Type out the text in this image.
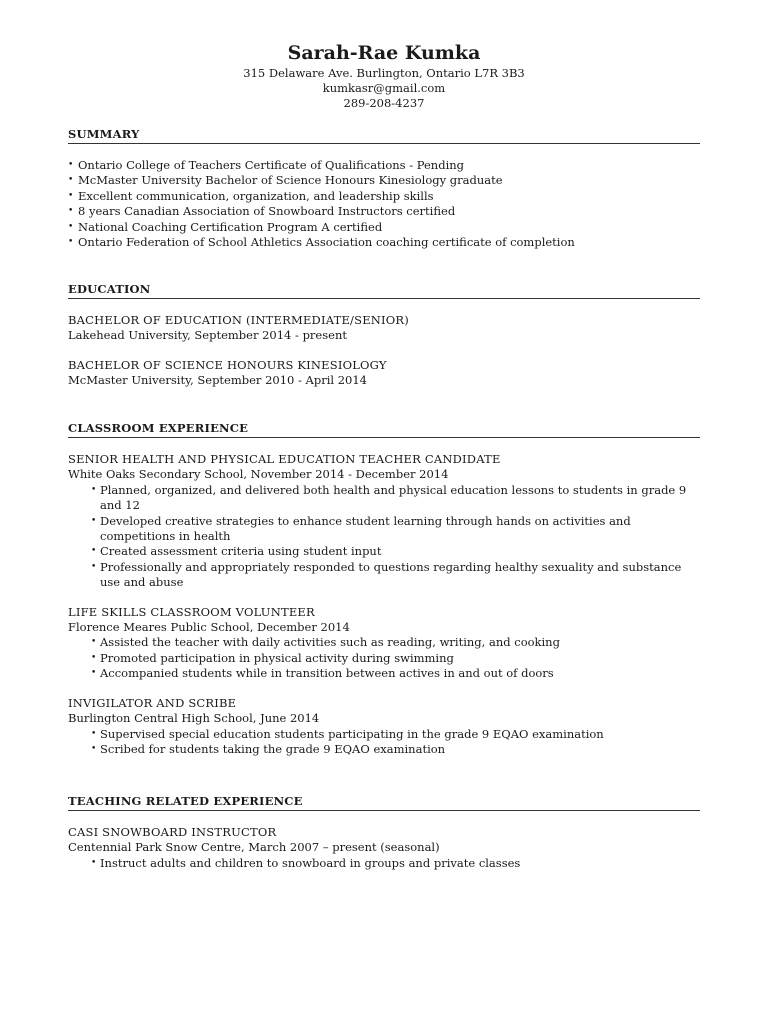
Sarah-Rae Kumka
315 Delaware Ave. Burlington, Ontario L7R 3B3
kumkasr@gmail.com
289-208-4237
SUMMARY
• Ontario College of Teachers Certificate of Qualifications - Pending
• McMaster University Bachelor of Science Honours Kinesiology graduate
• Excellent communication, organization, and leadership skills
• 8 years Canadian Association of Snowboard Instructors certified
• National Coaching Certification Program A certified
• Ontario Federation of School Athletics Association coaching certificate of completion
EDUCATION
BACHELOR OF EDUCATION (INTERMEDIATE/SENIOR)
Lakehead University, September 2014 - present
BACHELOR OF SCIENCE HONOURS KINESIOLOGY
McMaster University, September 2010 - April 2014
CLASSROOM EXPERIENCE
SENIOR HEALTH AND PHYSICAL EDUCATION TEACHER CANDIDATE
White Oaks Secondary School, November 2014 - December 2014
• Planned, organized, and delivered both health and physical education lessons to students in grade 9 and 12
• Developed creative strategies to enhance student learning through hands on activities and competitions in health
• Created assessment criteria using student input
• Professionally and appropriately responded to questions regarding healthy sexuality and substance use and abuse
LIFE SKILLS CLASSROOM VOLUNTEER
Florence Meares Public School, December 2014
• Assisted the teacher with daily activities such as reading, writing, and cooking
• Promoted participation in physical activity during swimming
• Accompanied students while in transition between actives in and out of doors
INVIGILATOR AND SCRIBE
Burlington Central High School, June 2014
• Supervised special education students participating in the grade 9 EQAO examination
• Scribed for students taking the grade 9 EQAO examination
TEACHING RELATED EXPERIENCE
CASI SNOWBOARD INSTRUCTOR
Centennial Park Snow Centre, March 2007 – present (seasonal)
• Instruct adults and children to snowboard in groups and private classes
